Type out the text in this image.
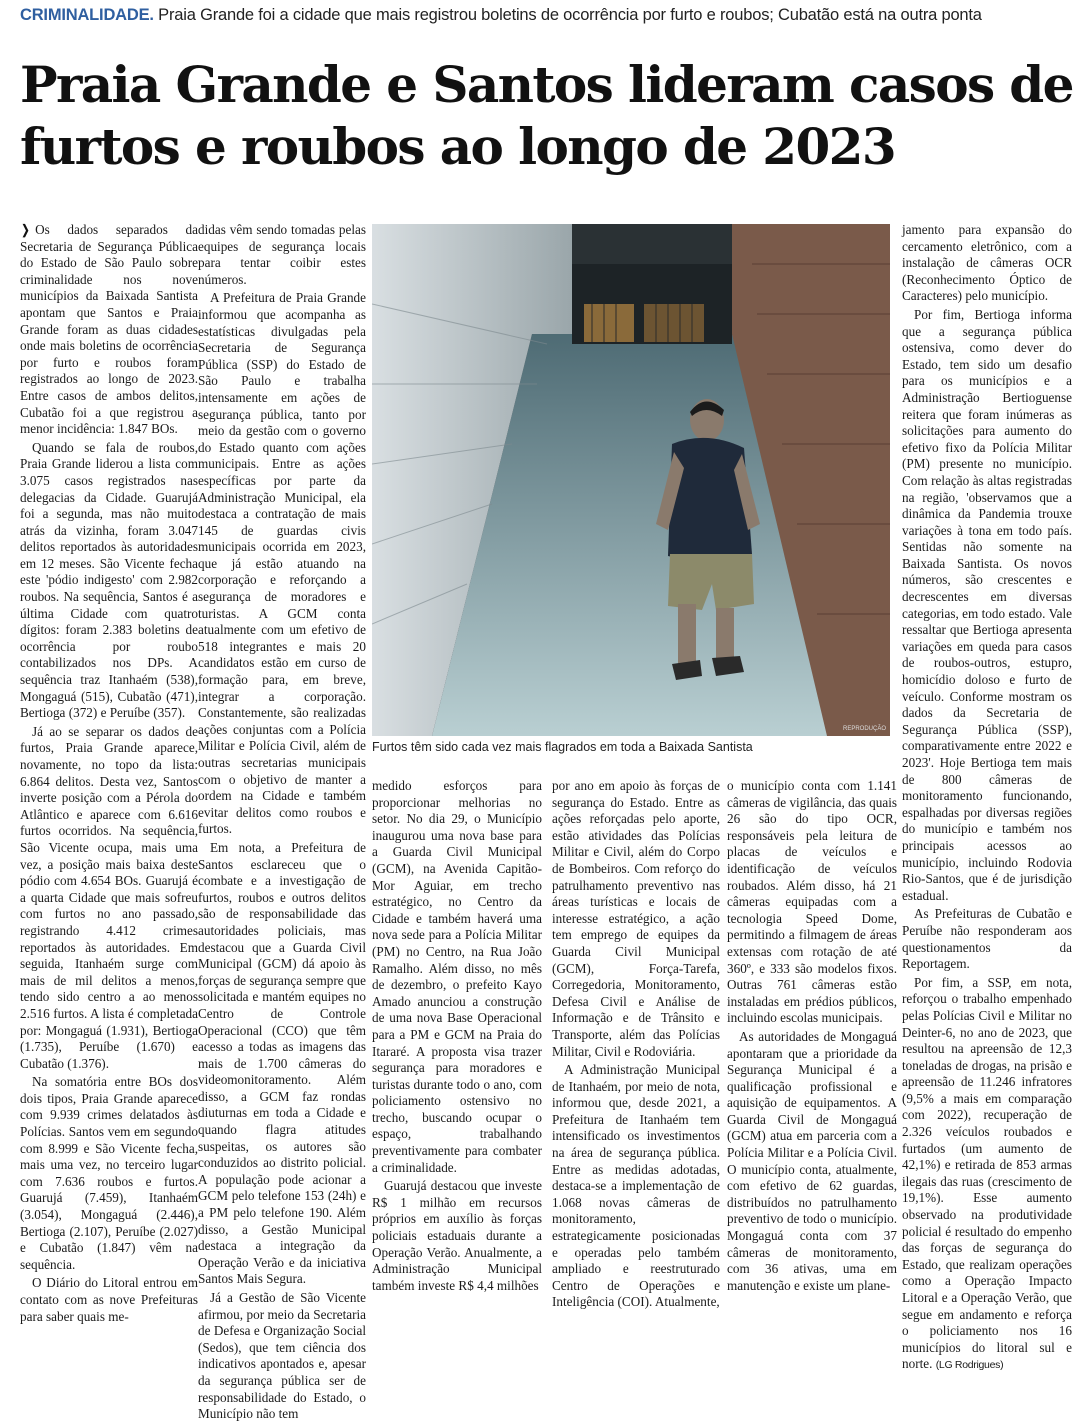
CRIMINALIDADE. Praia Grande foi a cidade que mais registrou boletins de ocorrência por furto e roubos; Cubatão está na outra ponta
Praia Grande e Santos lideram casos de furtos e roubos ao longo de 2023

❭ Os dados separados da Secretaria de Segurança Pública do Estado de São Paulo sobre criminalidade nos nove municípios da Baixada Santista apontam que Santos e Praia Grande foram as duas cidades onde mais boletins de ocorrência por furto e roubos foram registrados ao longo de 2023. Entre casos de ambos delitos, Cubatão foi a que registrou a menor incidência: 1.847 BOs.

Quando se fala de roubos, Praia Grande liderou a lista com 3.075 casos registrados nas delegacias da Cidade. Guarujá foi a segunda, mas não muito atrás da vizinha, foram 3.047 delitos reportados às autoridades em 12 meses. São Vicente fecha este 'pódio indigesto' com 2.982 roubos. Na sequência, Santos é a última Cidade com quatro dígitos: foram 2.383 boletins de ocorrência por roubo contabilizados nos DPs. A sequência traz Itanhaém (538), Mongaguá (515), Cubatão (471), Bertioga (372) e Peruíbe (357).

Já ao se separar os dados de furtos, Praia Grande aparece, novamente, no topo da lista: 6.864 delitos. Desta vez, Santos inverte posição com a Pérola do Atlântico e aparece com 6.616 furtos ocorridos. Na sequência, São Vicente ocupa, mais uma vez, a posição mais baixa deste pódio com 4.654 BOs. Guarujá é a quarta Cidade que mais sofreu com furtos no ano passado, registrando 4.412 crimes reportados às autoridades. Em seguida, Itanhaém surge com mais de mil delitos a menos, tendo sido centro a ao menos 2.516 furtos. A lista é completada por: Mongaguá (1.931), Bertioga (1.735), Peruíbe (1.670) e Cubatão (1.376).

Na somatória entre BOs dos dois tipos, Praia Grande aparece com 9.939 crimes delatados às Polícias. Santos vem em segundo com 8.999 e São Vicente fecha, mais uma vez, no terceiro lugar com 7.636 roubos e furtos. Guarujá (7.459), Itanhaém (3.054), Mongaguá (2.446), Bertioga (2.107), Peruíbe (2.027) e Cubatão (1.847) vêm na sequência.

O Diário do Litoral entrou em contato com as nove Prefeituras para saber quais me-

didas vêm sendo tomadas pelas equipes de segurança locais para tentar coibir estes números.

A Prefeitura de Praia Grande informou que acompanha as estatísticas divulgadas pela Secretaria de Segurança Pública (SSP) do Estado de São Paulo e trabalha intensamente em ações de segurança pública, tanto por meio da gestão com o governo do Estado quanto com ações municipais. Entre as ações específicas por parte da Administração Municipal, ela destaca a contratação de mais 145 de guardas civis municipais ocorrida em 2023, que já estão atuando na corporação e reforçando a segurança de moradores e turistas. A GCM conta atualmente com um efetivo de 518 integrantes e mais 20 candidatos estão em curso de formação para, em breve, integrar a corporação. Constantemente, são realizadas ações conjuntas com a Polícia Militar e Polícia Civil, além de outras secretarias municipais com o objetivo de manter a ordem na Cidade e também evitar delitos como roubos e furtos.

Em nota, a Prefeitura de Santos esclareceu que o combate e a investigação de furtos, roubos e outros delitos são de responsabilidade das autoridades policiais, mas destacou que a Guarda Civil Municipal (GCM) dá apoio às forças de segurança sempre que solicitada e mantém equipes no Centro de Controle Operacional (CCO) que têm acesso a todas as imagens das mais de 1.700 câmeras do videomonitoramento. Além disso, a GCM faz rondas diuturnas em toda a Cidade e quando flagra atitudes suspeitas, os autores são conduzidos ao distrito policial. A população pode acionar a GCM pelo telefone 153 (24h) e a PM pelo telefone 190. Além disso, a Gestão Municipal destaca a integração da Operação Verão e da iniciativa Santos Mais Segura.

Já a Gestão de São Vicente afirmou, por meio da Secretaria de Defesa e Organização Social (Sedos), que tem ciência dos indicativos apontados e, apesar da segurança pública ser de responsabilidade do Estado, o Município não tem

REPRODUÇÃO
Furtos têm sido cada vez mais flagrados em toda a Baixada Santista

medido esforços para proporcionar melhorias no setor. No dia 29, o Município inaugurou uma nova base para a Guarda Civil Municipal (GCM), na Avenida Capitão-Mor Aguiar, em trecho estratégico, no Centro da Cidade e também haverá uma nova sede para a Polícia Militar (PM) no Centro, na Rua João Ramalho. Além disso, no mês de dezembro, o prefeito Kayo Amado anunciou a construção de uma nova Base Operacional para a PM e GCM na Praia do Itararé. A proposta visa trazer segurança para moradores e turistas durante todo o ano, com policiamento ostensivo no trecho, buscando ocupar o espaço, trabalhando preventivamente para combater a criminalidade.

Guarujá destacou que investe R$ 1 milhão em recursos próprios em auxílio às forças policiais estaduais durante a Operação Verão. Anualmente, a Administração Municipal também investe R$ 4,4 milhões

por ano em apoio às forças de segurança do Estado. Entre as ações reforçadas pelo aporte, estão atividades das Polícias Militar e Civil, além do Corpo de Bombeiros. Com reforço do patrulhamento preventivo nas áreas turísticas e locais de interesse estratégico, a ação tem emprego de equipes da Guarda Civil Municipal (GCM), Força-Tarefa, Corregedoria, Monitoramento, Defesa Civil e Análise de Informação e de Trânsito e Transporte, além das Polícias Militar, Civil e Rodoviária.

A Administração Municipal de Itanhaém, por meio de nota, informou que, desde 2021, a Prefeitura de Itanhaém tem intensificado os investimentos na área de segurança pública. Entre as medidas adotadas, destaca-se a implementação de 1.068 novas câmeras de monitoramento, estrategicamente posicionadas e operadas pelo também ampliado e reestruturado Centro de Operações e Inteligência (COI). Atualmente,

o município conta com 1.141 câmeras de vigilância, das quais 26 são do tipo OCR, responsáveis pela leitura de placas de veículos e identificação de veículos roubados. Além disso, há 21 câmeras equipadas com a tecnologia Speed Dome, permitindo a filmagem de áreas extensas com rotação de até 360º, e 333 são modelos fixos. Outras 761 câmeras estão instaladas em prédios públicos, incluindo escolas municipais.

As autoridades de Mongaguá apontaram que a prioridade da Segurança Municipal é a qualificação profissional e aquisição de equipamentos. A Guarda Civil de Mongaguá (GCM) atua em parceria com a Polícia Militar e a Polícia Civil. O município conta, atualmente, com efetivo de 62 guardas, distribuídos no patrulhamento preventivo de todo o município. Mongaguá conta com 37 câmeras de monitoramento, com 36 ativas, uma em manutenção e existe um plane-

jamento para expansão do cercamento eletrônico, com a instalação de câmeras OCR (Reconhecimento Óptico de Caracteres) pelo município.

Por fim, Bertioga informa que a segurança pública ostensiva, como dever do Estado, tem sido um desafio para os municípios e a Administração Bertioguense reitera que foram inúmeras as solicitações para aumento do efetivo fixo da Polícia Militar (PM) presente no município. Com relação às altas registradas na região, 'observamos que a dinâmica da Pandemia trouxe variações à tona em todo país. Sentidas não somente na Baixada Santista. Os novos números, são crescentes e decrescentes em diversas categorias, em todo estado. Vale ressaltar que Bertioga apresenta variações em queda para casos de roubos-outros, estupro, homicídio doloso e furto de veículo. Conforme mostram os dados da Secretaria de Segurança Pública (SSP), comparativamente entre 2022 e 2023'. Hoje Bertioga tem mais de 800 câmeras de monitoramento funcionando, espalhadas por diversas regiões do município e também nos principais acessos ao município, incluindo Rodovia Rio-Santos, que é de jurisdição estadual.

As Prefeituras de Cubatão e Peruíbe não responderam aos questionamentos da Reportagem.

Por fim, a SSP, em nota, reforçou o trabalho empenhado pelas Polícias Civil e Militar no Deinter-6, no ano de 2023, que resultou na apreensão de 12,3 toneladas de drogas, na prisão e apreensão de 11.246 infratores (9,5% a mais em comparação com 2022), recuperação de 2.326 veículos roubados e furtados (um aumento de 42,1%) e retirada de 853 armas ilegais das ruas (crescimento de 19,1%). Esse aumento observado na produtividade policial é resultado do empenho das forças de segurança do Estado, que realizam operações como a Operação Impacto Litoral e a Operação Verão, que segue em andamento e reforça o policiamento nos 16 municípios do litoral sul e norte. (LG Rodrigues)
